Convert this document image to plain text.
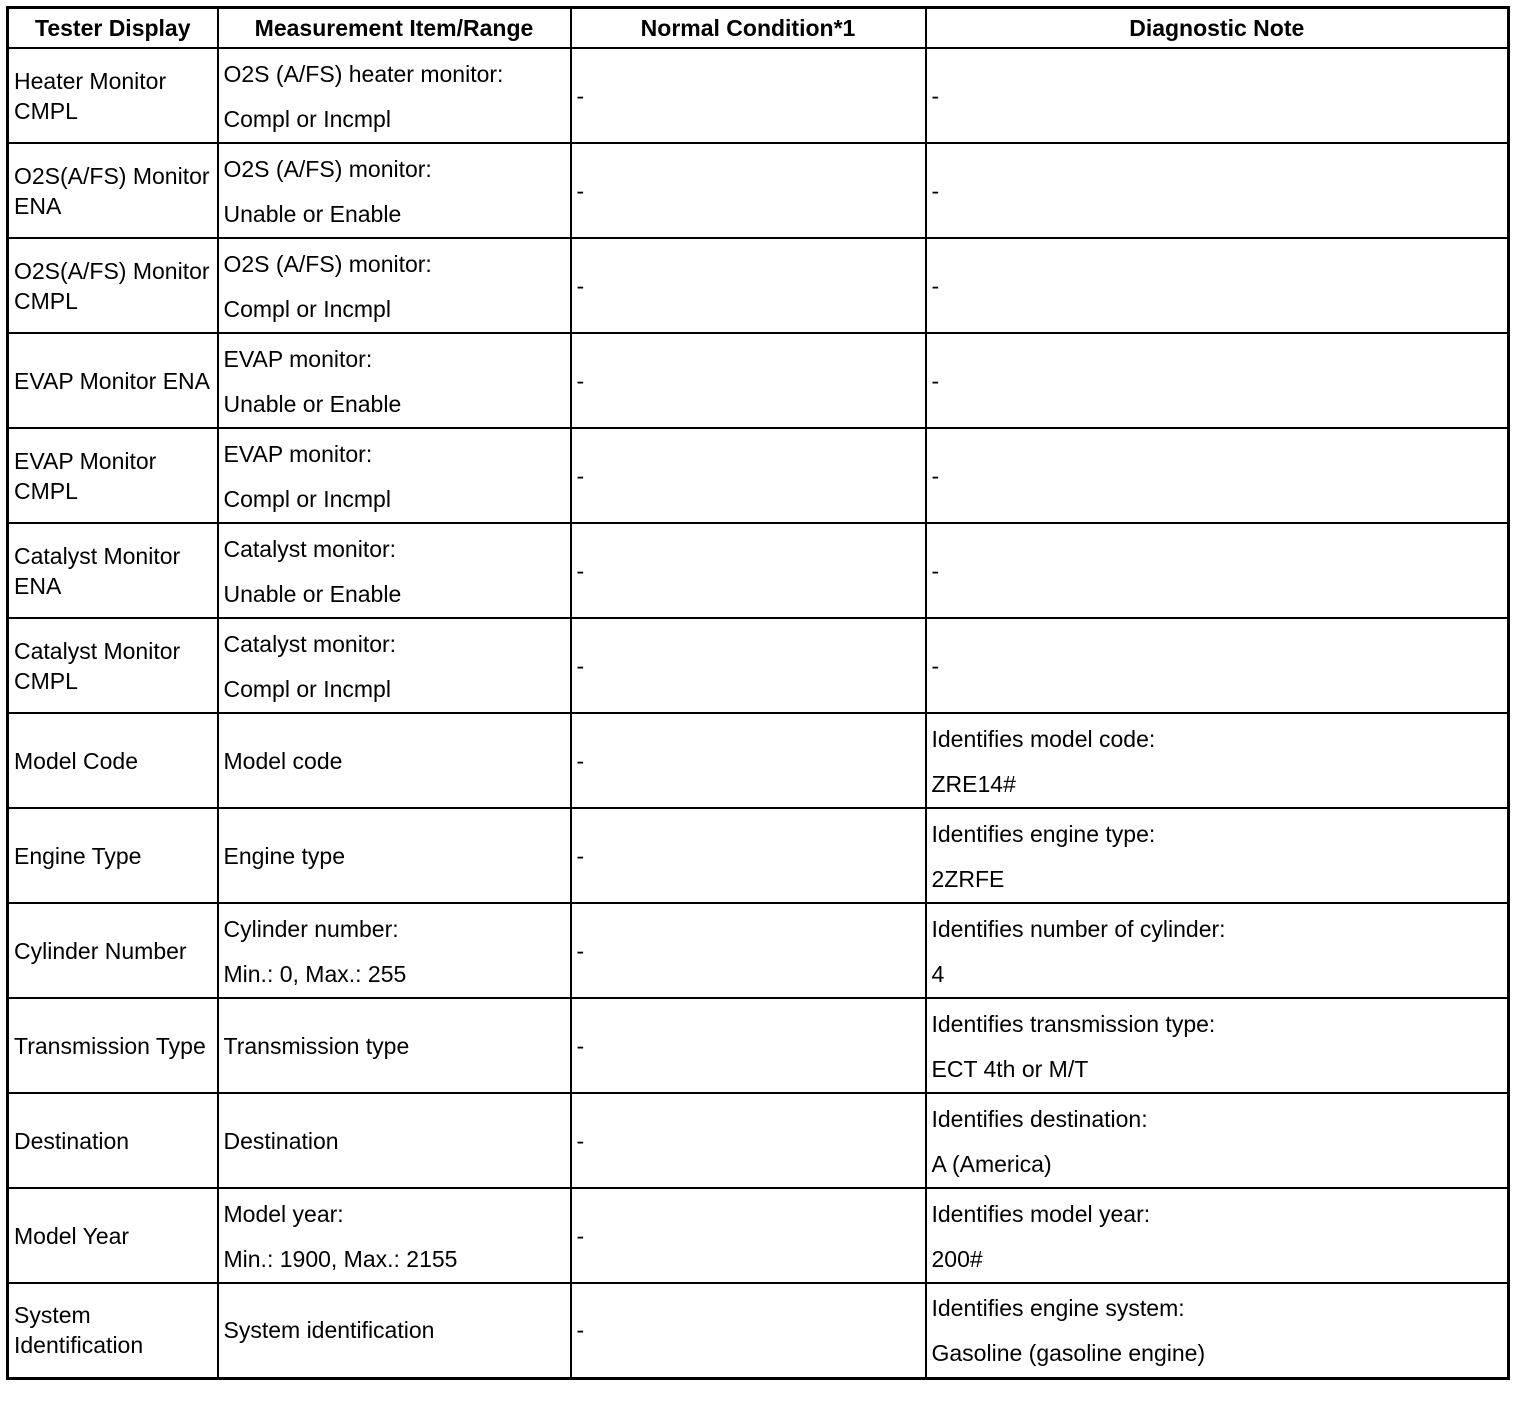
Tester Display	Measurement Item/Range	Normal Condition*1	Diagnostic Note

Heater Monitor CMPL	O2S (A/FS) heater monitor:
Compl or Incmpl	-	-

O2S(A/FS) Monitor ENA	O2S (A/FS) monitor:
Unable or Enable	-	-

O2S(A/FS) Monitor CMPL	O2S (A/FS) monitor:
Compl or Incmpl	-	-

EVAP Monitor ENA	EVAP monitor:
Unable or Enable	-	-

EVAP Monitor CMPL	EVAP monitor:
Compl or Incmpl	-	-

Catalyst Monitor ENA	Catalyst monitor:
Unable or Enable	-	-

Catalyst Monitor CMPL	Catalyst monitor:
Compl or Incmpl	-	-

Model Code	Model code	-	Identifies model code:
ZRE14#

Engine Type	Engine type	-	Identifies engine type:
2ZRFE

Cylinder Number	Cylinder number:
Min.: 0, Max.: 255	-	Identifies number of cylinder:
4

Transmission Type	Transmission type	-	Identifies transmission type:
ECT 4th or M/T

Destination	Destination	-	Identifies destination:
A (America)

Model Year	Model year:
Min.: 1900, Max.: 2155	-	Identifies model year:
200#

System Identification	System identification	-	Identifies engine system:
Gasoline (gasoline engine)
